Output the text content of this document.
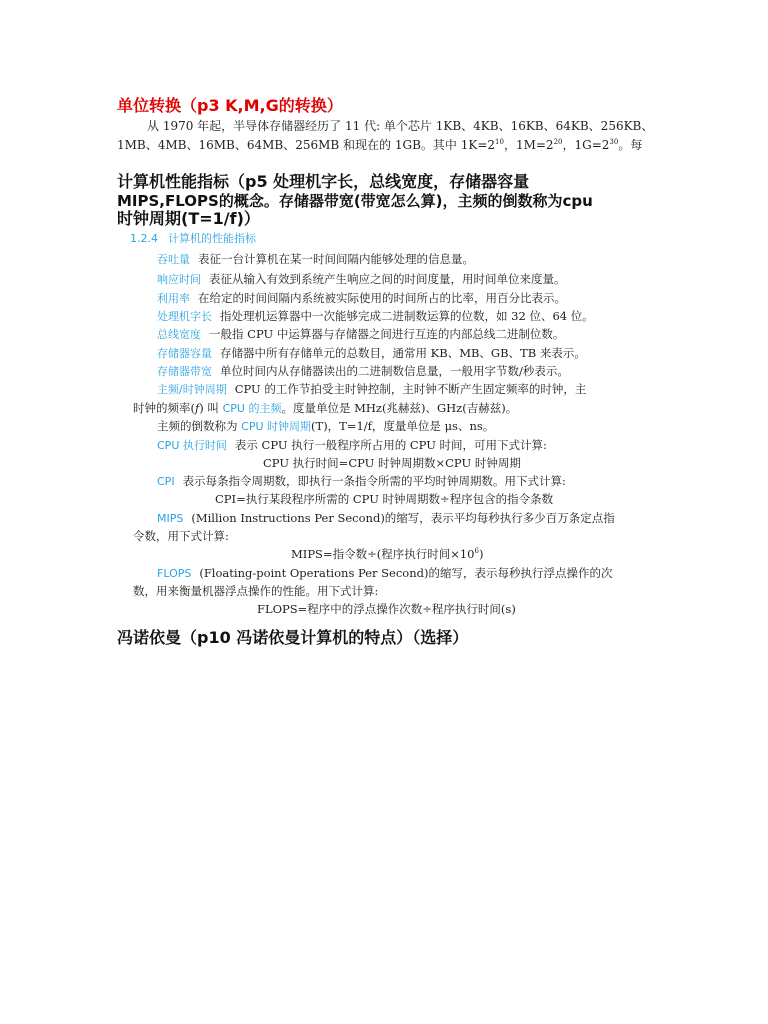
单位转换（p3 K,M,G的转换）
从 1970 年起，半导体存储器经历了 11 代: 单个芯片 1KB、4KB、16KB、64KB、256KB、
1MB、4MB、16MB、64MB、256MB 和现在的 1GB。其中 $1K=2^{10}$，$1M=2^{20}$，$1G=2^{30}$。每
计算机性能指标（p5 处理机字长，总线宽度，存储器容量
MIPS,FLOPS的概念。存储器带宽(带宽怎么算)，主频的倒数称为cpu
时钟周期(T=1/f)）
1.2.4 计算机的性能指标
吞吐量 表征一台计算机在某一时间间隔内能够处理的信息量。
响应时间 表征从输入有效到系统产生响应之间的时间度量，用时间单位来度量。
利用率 在给定的时间间隔内系统被实际使用的时间所占的比率，用百分比表示。
处理机字长 指处理机运算器中一次能够完成二进制数运算的位数，如 32 位、64 位。
总线宽度 一般指 CPU 中运算器与存储器之间进行互连的内部总线二进制位数。
存储器容量 存储器中所有存储单元的总数目，通常用 KB、MB、GB、TB 来表示。
存储器带宽 单位时间内从存储器读出的二进制数信息量，一般用字节数/秒表示。
主频/时钟周期 CPU 的工作节拍受主时钟控制，主时钟不断产生固定频率的时钟，主
时钟的频率(f) 叫 CPU 的主频。度量单位是 MHz(兆赫兹)、GHz(吉赫兹)。
主频的倒数称为 CPU 时钟周期(T)，T=1/f，度量单位是 μs、ns。
CPU 执行时间 表示 CPU 执行一般程序所占用的 CPU 时间，可用下式计算:
CPU 执行时间=CPU 时钟周期数×CPU 时钟周期
CPI 表示每条指令周期数，即执行一条指令所需的平均时钟周期数。用下式计算:
CPI=执行某段程序所需的 CPU 时钟周期数÷程序包含的指令条数
MIPS (Million Instructions Per Second)的缩写，表示平均每秒执行多少百万条定点指
令数，用下式计算:
MIPS=指令数÷(程序执行时间$\times 10^6$)
FLOPS (Floating-point Operations Per Second)的缩写，表示每秒执行浮点操作的次
数，用来衡量机器浮点操作的性能。用下式计算:
FLOPS=程序中的浮点操作次数÷程序执行时间(s)
冯诺依曼（p10 冯诺依曼计算机的特点）（选择）
